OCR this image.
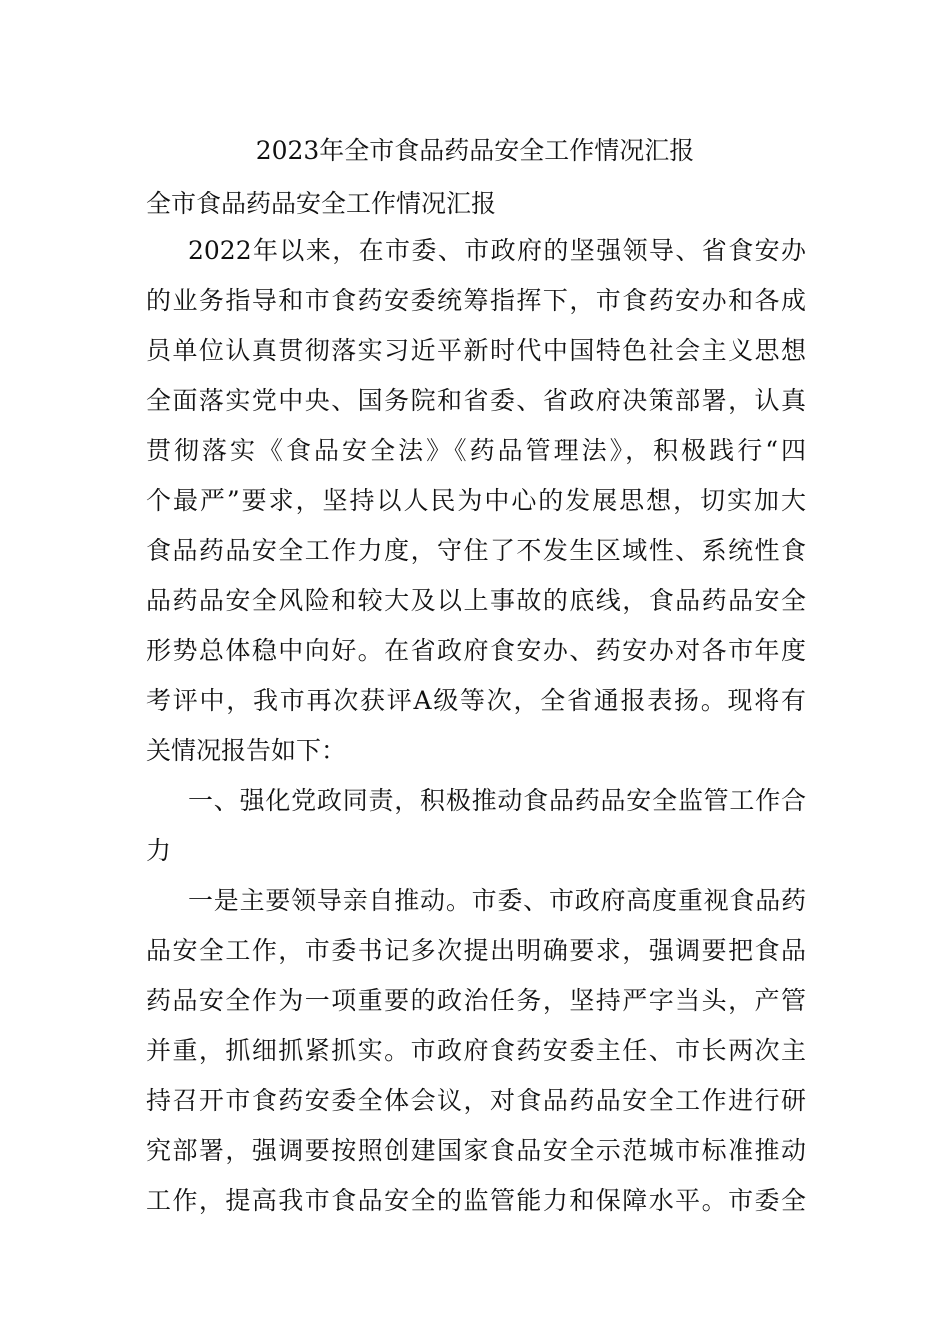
2023年全市食品药品安全工作情况汇报
全市食品药品安全工作情况汇报
2022年以来，在市委、市政府的坚强领导、省食安办
的业务指导和市食药安委统筹指挥下，市食药安办和各成
员单位认真贯彻落实习近平新时代中国特色社会主义思想
全面落实党中央、国务院和省委、省政府决策部署，认真
贯彻落实《食品安全法》《药品管理法》，积极践行“四
个最严”要求，坚持以人民为中心的发展思想，切实加大
食品药品安全工作力度，守住了不发生区域性、系统性食
品药品安全风险和较大及以上事故的底线，食品药品安全
形势总体稳中向好。在省政府食安办、药安办对各市年度
考评中，我市再次获评A级等次，全省通报表扬。现将有
关情况报告如下：
一、强化党政同责，积极推动食品药品安全监管工作合
力
一是主要领导亲自推动。市委、市政府高度重视食品药
品安全工作，市委书记多次提出明确要求，强调要把食品
药品安全作为一项重要的政治任务，坚持严字当头，产管
并重，抓细抓紧抓实。市政府食药安委主任、市长两次主
持召开市食药安委全体会议，对食品药品安全工作进行研
究部署，强调要按照创建国家食品安全示范城市标准推动
工作，提高我市食品安全的监管能力和保障水平。市委全
